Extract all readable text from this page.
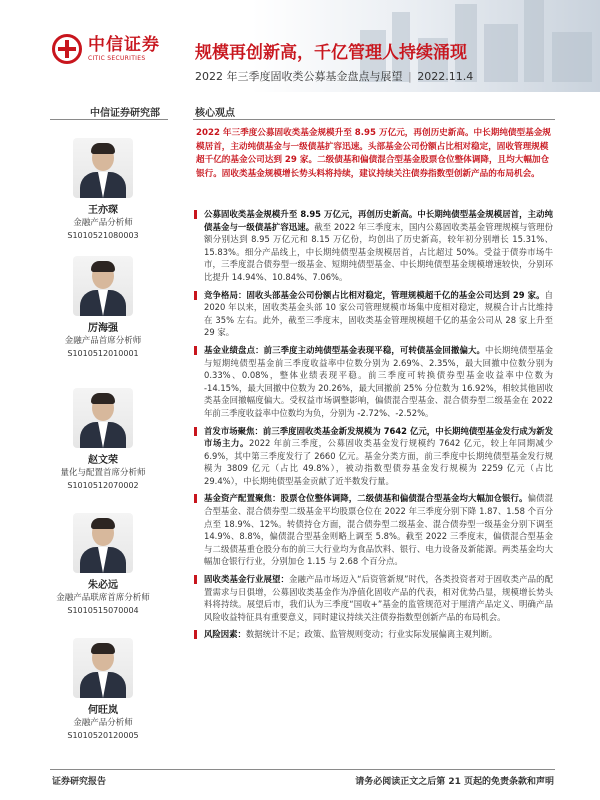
中信证券
CITIC SECURITIES	规模再创新高，千亿管理人持续涌现
2022 年三季度固收类公募基金盘点与展望 | 2022.11.4
中信证券研究部	核心观点
王亦琛
金融产品分析师
S1010521080003
厉海强
金融产品首席分析师
S1010512010001
赵文荣
量化与配置首席分析师
S1010512070002
朱必远
金融产品联席首席分析师
S1010515070004
何旺岚
金融产品分析师
S1010520120005
2022 年三季度公募固收类基金规模升至 8.95 万亿元，再创历史新高。中长期纯债型基金规模居首，主动纯债基金与一级债基扩容迅速。头部基金公司份额占比相对稳定，固收管理规模超千亿的基金公司达到 29 家。二级债基和偏债混合型基金股票仓位整体调降，且均大幅加仓银行。固收类基金规模增长势头料将持续，建议持续关注债券指数型创新产品的布局机会。
公募固收类基金规模升至 8.95 万亿元，再创历史新高。中长期纯债型基金规模居首，主动纯债基金与一级债基扩容迅速。截至 2022 年三季度末，国内公募固收类基金管理规模与管理份额分别达到 8.95 万亿元和 8.15 万亿份，均创出了历史新高，较年初分别增长 15.31%、15.83%。细分产品线上，中长期纯债型基金规模居首，占比超过 50%。受益于债券市场牛市，三季度混合债券型一级基金、短期纯债型基金、中长期纯债型基金规模增速较快，分别环比提升 14.94%、10.84%、7.06%。
竞争格局：固收头部基金公司份额占比相对稳定，管理规模超千亿的基金公司达到 29 家。自 2020 年以来，固收类基金头部 10 家公司管理规模市场集中度相对稳定，规模合计占比维持在 35% 左右。此外，截至三季度末，固收类基金管理规模超千亿的基金公司从 28 家上升至 29 家。
基金业绩盘点：前三季度主动纯债型基金表现平稳，可转债基金回撤偏大。中长期纯债型基金与短期纯债型基金前三季度收益率中位数分别为 2.69%、2.35%，最大回撤中位数分别为 0.33%、0.08%，整体业绩表现平稳。前三季度可转换债券型基金收益率中位数为 -14.15%，最大回撤中位数为 20.26%，最大回撤前 25% 分位数为 16.92%，相较其他固收类基金回撤幅度偏大。受权益市场调整影响，偏债混合型基金、混合债券型二级基金在 2022 年前三季度收益率中位数均为负，分别为 -2.72%、-2.52%。
首发市场聚焦：前三季度固收类基金新发规模为 7642 亿元，中长期纯债型基金发行成为新发市场主力。2022 年前三季度，公募固收类基金发行规模约 7642 亿元，较上年同期减少 6.9%，其中第三季度发行了 2660 亿元。基金分类方面，前三季度中长期纯债型基金发行规模为 3809 亿元（占比 49.8%），被动指数型债券基金发行规模为 2259 亿元（占比 29.4%），中长期纯债型基金贡献了近半数发行量。
基金资产配置聚焦：股票仓位整体调降，二级债基和偏债混合型基金均大幅加仓银行。偏债混合型基金、混合债券型二级基金平均股票仓位在 2022 年三季度分别下降 1.87、1.58 个百分点至 18.9%、12%。转债持仓方面，混合债券型二级基金、混合债券型一级基金分别下调至 14.9%、8.8%，偏债混合型基金则略上调至 5.8%。截至 2022 三季度末，偏债混合型基金与二级债基重仓股分布的前三大行业均为食品饮料、银行、电力设备及新能源。两类基金均大幅加仓银行行业，分别加仓 1.15 与 2.68 个百分点。
固收类基金行业展望：金融产品市场迈入“后资管新规”时代，各类投资者对于固收类产品的配置需求与日俱增，公募固收类基金作为净值化固收产品的代表，相对优势凸显，规模增长势头料将持续。展望后市，我们认为三季度“国收+”基金的监管规范对于厘清产品定义、明确产品风险收益特征具有重要意义，同时建议持续关注债券指数型创新产品的布局机会。
风险因素：数据统计不足；政策、监管规则变动；行业实际发展偏离主观判断。
证券研究报告	请务必阅读正文之后第 21 页起的免责条款和声明
